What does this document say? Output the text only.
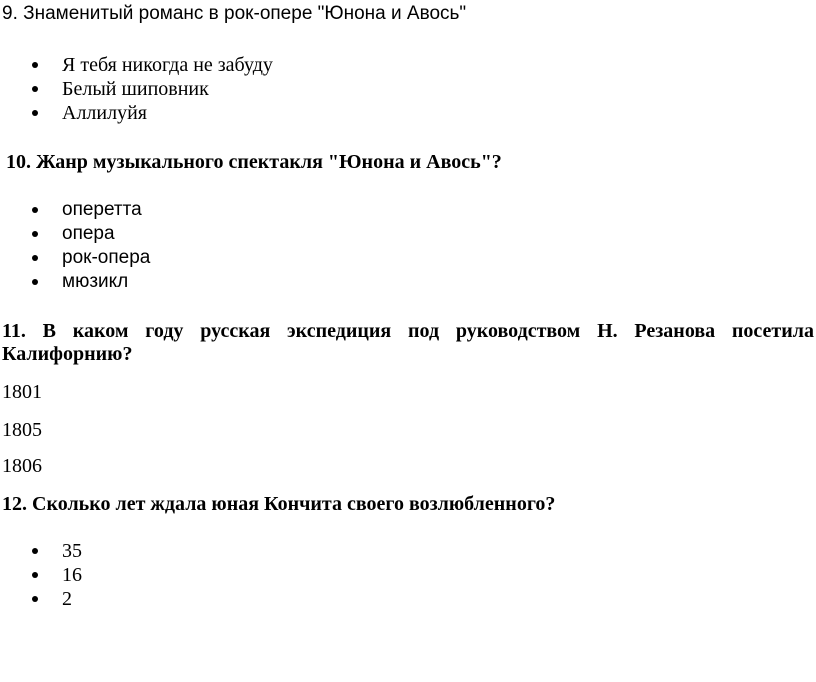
9. Знаменитый романс в рок-опере "Юнона и Авось"

Я тебя никогда не забуду
Белый шиповник
Аллилуйя

10. Жанр музыкального спектакля "Юнона и Авось"?

оперетта
опера
рок-опера
мюзикл

11. В каком году русская экспедиция под руководством Н. Резанова посетила Калифорнию?

1801

1805

1806

12. Сколько лет ждала юная Кончита своего возлюбленного?

35
16
2
